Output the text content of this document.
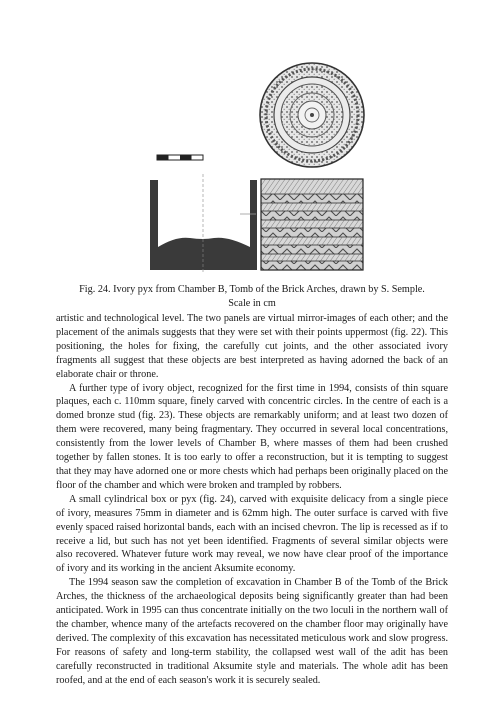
Fig. 24. Ivory pyx from Chamber B, Tomb of the Brick Arches, drawn by S. Semple.
Scale in cm

artistic and technological level. The two panels are virtual mirror-images of each other; and the placement of the animals suggests that they were set with their points uppermost (fig. 22). This positioning, the holes for fixing, the carefully cut joints, and the other associated ivory fragments all suggest that these objects are best interpreted as having adorned the back of an elaborate chair or throne.

A further type of ivory object, recognized for the first time in 1994, consists of thin square plaques, each c. 110mm square, finely carved with concentric circles. In the centre of each is a domed bronze stud (fig. 23). These objects are remarkably uniform; and at least two dozen of them were recovered, many being fragmentary. They occurred in several local concentrations, consistently from the lower levels of Chamber B, where masses of them had been crushed together by fallen stones. It is too early to offer a reconstruction, but it is tempting to suggest that they may have adorned one or more chests which had perhaps been originally placed on the floor of the chamber and which were broken and trampled by robbers.

A small cylindrical box or pyx (fig. 24), carved with exquisite delicacy from a single piece of ivory, measures 75mm in diameter and is 62mm high. The outer surface is carved with five evenly spaced raised horizontal bands, each with an incised chevron. The lip is recessed as if to receive a lid, but such has not yet been identified. Fragments of several similar objects were also recovered. Whatever future work may reveal, we now have clear proof of the importance of ivory and its working in the ancient Aksumite economy.

The 1994 season saw the completion of excavation in Chamber B of the Tomb of the Brick Arches, the thickness of the archaeological deposits being significantly greater than had been anticipated. Work in 1995 can thus concentrate initially on the two loculi in the northern wall of the chamber, whence many of the artefacts recovered on the chamber floor may originally have derived. The complexity of this excavation has necessitated meticulous work and slow progress. For reasons of safety and long-term stability, the collapsed west wall of the adit has been carefully reconstructed in traditional Aksumite style and materials. The whole adit has been roofed, and at the end of each season's work it is securely sealed.
